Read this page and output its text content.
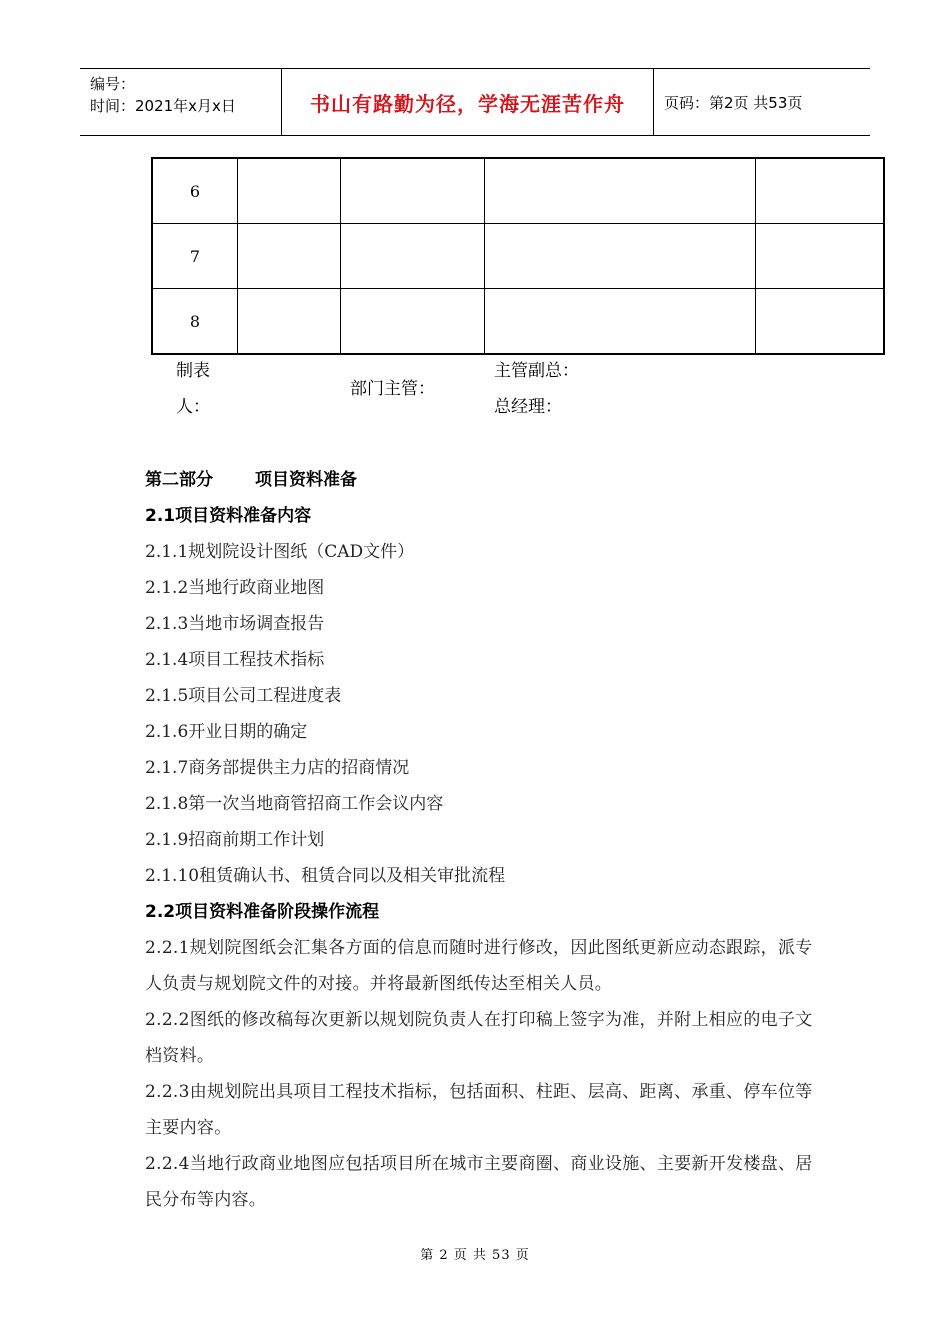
编号：
时间：2021年x月x日	书山有路勤为径，学海无涯苦作舟	页码：第2页 共53页
6				
7				
8				
制表
人：
部门主管：
主管副总：
总经理：

第二部分 项目资料准备

2.1项目资料准备内容

2.1.1规划院设计图纸（CAD文件）

2.1.2当地行政商业地图

2.1.3当地市场调查报告

2.1.4项目工程技术指标

2.1.5项目公司工程进度表

2.1.6开业日期的确定

2.1.7商务部提供主力店的招商情况

2.1.8第一次当地商管招商工作会议内容

2.1.9招商前期工作计划

2.1.10租赁确认书、租赁合同以及相关审批流程

2.2项目资料准备阶段操作流程

2.2.1规划院图纸会汇集各方面的信息而随时进行修改，因此图纸更新应动态跟踪，派专人负责与规划院文件的对接。并将最新图纸传达至相关人员。

2.2.2图纸的修改稿每次更新以规划院负责人在打印稿上签字为准，并附上相应的电子文档资料。

2.2.3由规划院出具项目工程技术指标，包括面积、柱距、层高、距离、承重、停车位等主要内容。

2.2.4当地行政商业地图应包括项目所在城市主要商圈、商业设施、主要新开发楼盘、居民分布等内容。

第 2 页 共 53 页
